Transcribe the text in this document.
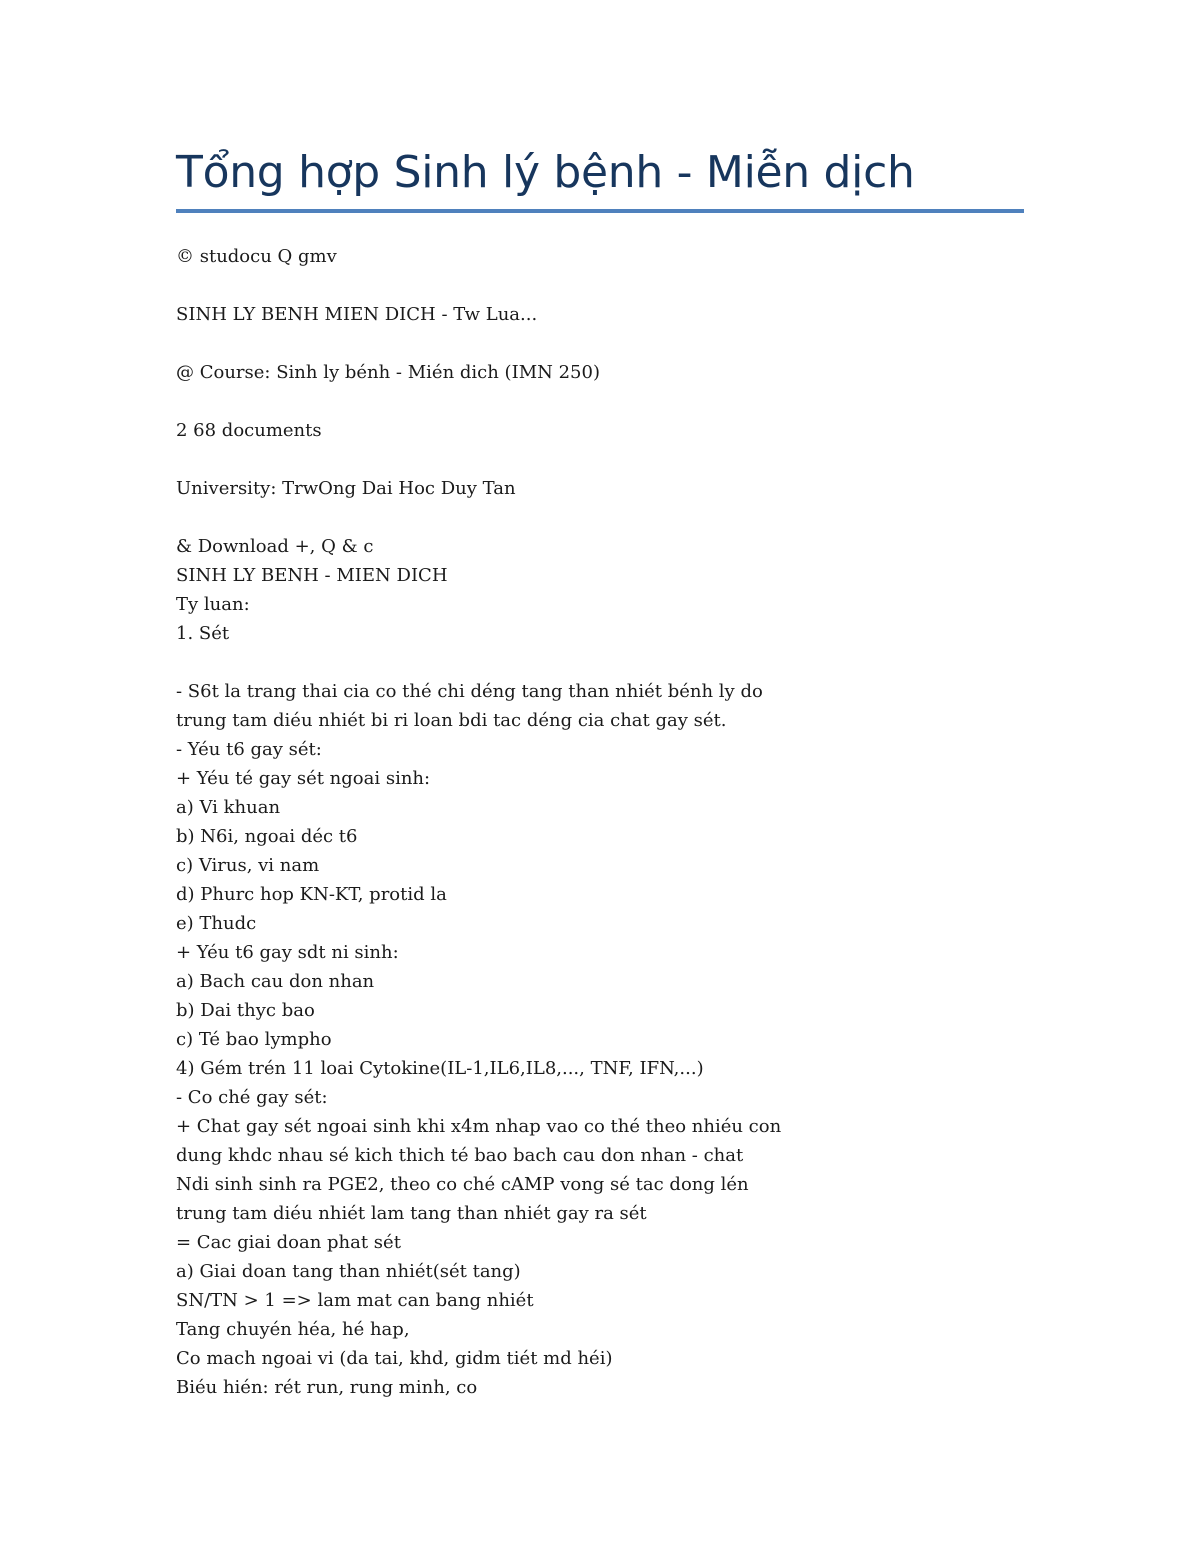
Tổng hợp Sinh lý bệnh - Miễn dịch
© studocu Q gmv
SINH LY BENH MIEN DICH - Tw Lua...
@ Course: Sinh ly bénh - Mién dich (IMN 250)
2 68 documents
University: TrwOng Dai Hoc Duy Tan
& Download +, Q & c
SINH LY BENH - MIEN DICH
Ty luan:
1. Sét
- S6t la trang thai cia co thé chi déng tang than nhiét bénh ly do
trung tam diéu nhiét bi ri loan bdi tac déng cia chat gay sét.
- Yéu t6 gay sét:
+ Yéu té gay sét ngoai sinh:
a) Vi khuan
b) N6i, ngoai déc t6
c) Virus, vi nam
d) Phurc hop KN-KT, protid la
e) Thudc
+ Yéu t6 gay sdt ni sinh:
a) Bach cau don nhan
b) Dai thyc bao
c) Té bao lympho
4) Gém trén 11 loai Cytokine(IL-1,IL6,IL8,..., TNF, IFN,...)
- Co ché gay sét:
+ Chat gay sét ngoai sinh khi x4m nhap vao co thé theo nhiéu con
dung khdc nhau sé kich thich té bao bach cau don nhan - chat
Ndi sinh sinh ra PGE2, theo co ché cAMP vong sé tac dong lén
trung tam diéu nhiét lam tang than nhiét gay ra sét
= Cac giai doan phat sét
a) Giai doan tang than nhiét(sét tang)
SN/TN > 1 => lam mat can bang nhiét
Tang chuyén héa, hé hap,
Co mach ngoai vi (da tai, khd, gidm tiét md héi)
Biéu hién: rét run, rung minh, co
